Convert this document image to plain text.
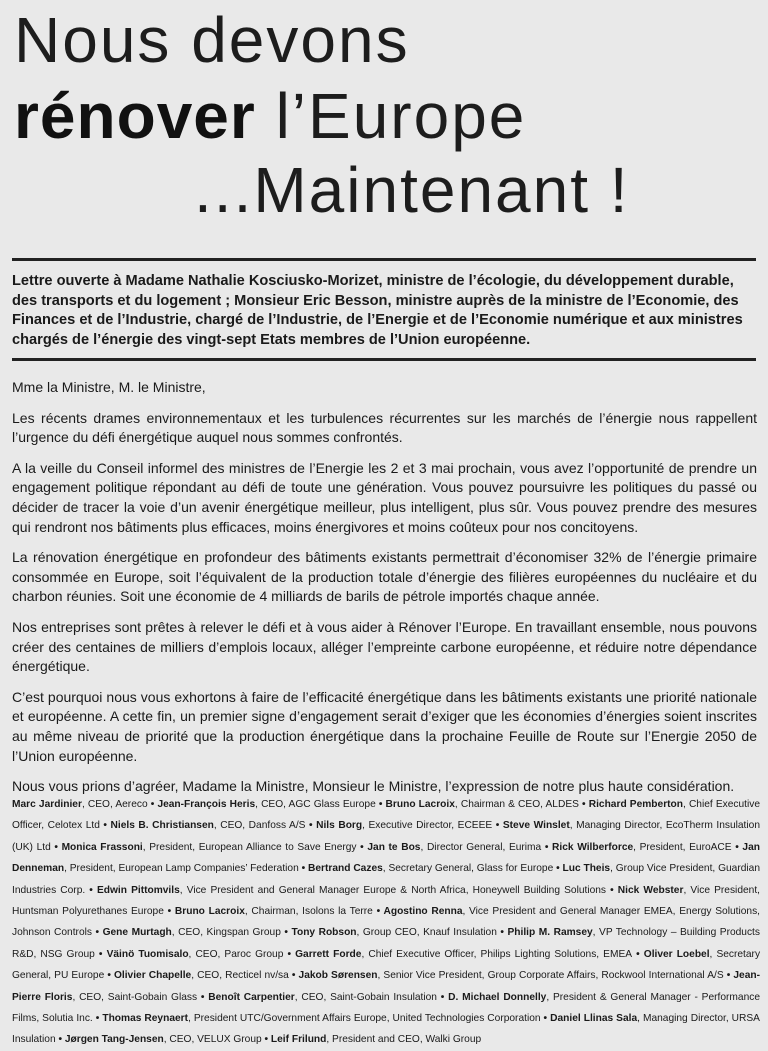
Nous devons
rénover l’Europe
...Maintenant !
Lettre ouverte à Madame Nathalie Kosciusko-Morizet, ministre de l’écologie, du développement durable, des transports et du logement ; Monsieur Eric Besson, ministre auprès de la ministre de l’Economie, des Finances et de l’Industrie, chargé de l’Industrie, de l’Energie et de l’Economie numérique et aux ministres chargés de l’énergie des vingt-sept Etats membres de l’Union européenne.

Mme la Ministre, M. le Ministre,

Les récents drames environnementaux et les turbulences récurrentes sur les marchés de l’énergie nous rappellent l’urgence du défi énergétique auquel nous sommes confrontés.

A la veille du Conseil informel des ministres de l’Energie les 2 et 3 mai prochain, vous avez l’opportunité de prendre un engagement politique répondant au défi de toute une génération. Vous pouvez poursuivre les politiques du passé ou décider de tracer la voie d’un avenir énergétique meilleur, plus intelligent, plus sûr. Vous pouvez prendre des mesures qui rendront nos bâtiments plus efficaces, moins énergivores et moins coûteux pour nos concitoyens.

La rénovation énergétique en profondeur des bâtiments existants permettrait d’économiser 32% de l’énergie primaire consommée en Europe, soit l’équivalent de la production totale d’énergie des filières européennes du nucléaire et du charbon réunies. Soit une économie de 4 milliards de barils de pétrole importés chaque année.

Nos entreprises sont prêtes à relever le défi et à vous aider à Rénover l’Europe. En travaillant ensemble, nous pouvons créer des centaines de milliers d’emplois locaux, alléger l’empreinte carbone européenne, et réduire notre dépendance énergétique.

C’est pourquoi nous vous exhortons à faire de l’efficacité énergétique dans les bâtiments existants une priorité nationale et européenne. A cette fin, un premier signe d’engagement serait d’exiger que les économies d’énergies soient inscrites au même niveau de priorité que la production énergétique dans la prochaine Feuille de Route sur l’Energie 2050 de l’Union européenne.

Nous vous prions d’agréer, Madame la Ministre, Monsieur le Ministre, l’expression de notre plus haute considération.

Marc Jardinier, CEO, Aereco • Jean-François Heris, CEO, AGC Glass Europe • Bruno Lacroix, Chairman & CEO, ALDES • Richard Pemberton, Chief Executive Officer, Celotex Ltd • Niels B. Christiansen, CEO, Danfoss A/S • Nils Borg, Executive Director, ECEEE • Steve Winslet, Managing Director, EcoTherm Insulation (UK) Ltd • Monica Frassoni, President, European Alliance to Save Energy • Jan te Bos, Director General, Eurima • Rick Wilberforce, President, EuroACE • Jan Denneman, President, European Lamp Companies’ Federation • Bertrand Cazes, Secretary General, Glass for Europe • Luc Theis, Group Vice President, Guardian Industries Corp. • Edwin Pittomvils, Vice President and General Manager Europe & North Africa, Honeywell Building Solutions • Nick Webster, Vice President, Huntsman Polyurethanes Europe • Bruno Lacroix, Chairman, Isolons la Terre • Agostino Renna, Vice President and General Manager EMEA, Energy Solutions, Johnson Controls • Gene Murtagh, CEO, Kingspan Group • Tony Robson, Group CEO, Knauf Insulation • Philip M. Ramsey, VP Technology – Building Products R&D, NSG Group • Väinö Tuomisalo, CEO, Paroc Group • Garrett Forde, Chief Executive Officer, Philips Lighting Solutions, EMEA • Oliver Loebel, Secretary General, PU Europe • Olivier Chapelle, CEO, Recticel nv/sa • Jakob Sørensen, Senior Vice President, Group Corporate Affairs, Rockwool International A/S • Jean-Pierre Floris, CEO, Saint-Gobain Glass • Benoît Carpentier, CEO, Saint-Gobain Insulation • D. Michael Donnelly, President & General Manager - Performance Films, Solutia Inc. • Thomas Reynaert, President UTC/Government Affairs Europe, United Technologies Corporation • Daniel Llinas Sala, Managing Director, URSA Insulation • Jørgen Tang-Jensen, CEO, VELUX Group • Leif Frilund, President and CEO, Walki Group
